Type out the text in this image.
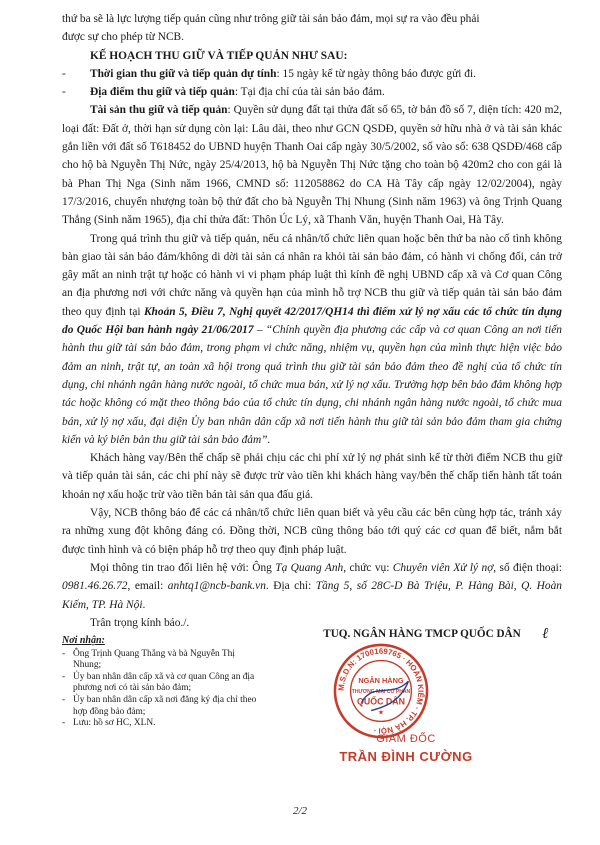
thứ ba sẽ là lực lượng tiếp quản cũng như trông giữ tài sản bảo đảm, mọi sự ra vào đều phải

được sự cho phép từ NCB.

KẾ HOẠCH THU GIỮ VÀ TIẾP QUẢN NHƯ SAU:

- Thời gian thu giữ và tiếp quản dự tính: 15 ngày kể từ ngày thông báo được gửi đi.

- Địa điểm thu giữ và tiếp quản: Tại địa chỉ của tài sản bảo đảm.

Tài sản thu giữ và tiếp quản: Quyền sử dụng đất tại thửa đất số 65, tờ bản đồ số 7, diện tích: 420 m2, loại đất: Đất ở, thời hạn sử dụng còn lại: Lâu dài, theo như GCN QSDĐ, quyền sở hữu nhà ở và tài sản khác gắn liền với đất số T618452 do UBND huyện Thanh Oai cấp ngày 30/5/2002, số vào sổ: 638 QSDĐ/468 cấp cho hộ bà Nguyễn Thị Nức, ngày 25/4/2013, hộ bà Nguyễn Thị Nức tặng cho toàn bộ 420m2 cho con gái là bà Phan Thị Nga (Sinh năm 1966, CMND số: 112058862 do CA Hà Tây cấp ngày 12/02/2004), ngày 17/3/2016, chuyển nhượng toàn bộ thử đất cho bà Nguyễn Thị Nhung (Sinh năm 1963) và ông Trịnh Quang Thắng (Sinh năm 1965), địa chỉ thửa đất: Thôn Úc Lý, xã Thanh Văn, huyện Thanh Oai, Hà Tây.

Trong quá trình thu giữ và tiếp quản, nếu cá nhân/tổ chức liên quan hoặc bên thứ ba nào cố tình không bàn giao tài sản bảo đảm/không di dời tài sản cá nhân ra khỏi tài sản bảo đảm, có hành vi chống đối, cản trở gây mất an ninh trật tự hoặc có hành vi vi phạm pháp luật thì kính đề nghị UBND cấp xã và Cơ quan Công an địa phương nơi với chức năng và quyền hạn của mình hỗ trợ NCB thu giữ và tiếp quản tài sản bảo đảm theo quy định tại Khoản 5, Điều 7, Nghị quyết 42/2017/QH14 thì điểm xử lý nợ xấu các tổ chức tín dụng do Quốc Hội ban hành ngày 21/06/2017 – “Chính quyền địa phương các cấp và cơ quan Công an nơi tiến hành thu giữ tài sản bảo đảm, trong phạm vi chức năng, nhiệm vụ, quyền hạn của mình thực hiện việc bảo đảm an ninh, trật tự, an toàn xã hội trong quá trình thu giữ tài sản bảo đảm theo đề nghị của tổ chức tín dụng, chi nhánh ngân hàng nước ngoài, tổ chức mua bán, xử lý nợ xấu. Trường hợp bên bảo đảm không hợp tác hoặc không có mặt theo thông báo của tổ chức tín dụng, chi nhánh ngân hàng nước ngoài, tổ chức mua bán, xử lý nợ xấu, đại diện Ủy ban nhân dân cấp xã nơi tiến hành thu giữ tài sản bảo đảm tham gia chứng kiến và ký biên bản thu giữ tài sản bảo đảm”.

Khách hàng vay/Bên thế chấp sẽ phải chịu các chi phí xử lý nợ phát sinh kể từ thời điểm NCB thu giữ và tiếp quản tài sản, các chi phí này sẽ được trừ vào tiền khi khách hàng vay/bên thế chấp tiến hành tất toán khoản nợ xấu hoặc trừ vào tiền bán tài sản qua đấu giá.

Vậy, NCB thông báo để các cá nhân/tổ chức liên quan biết và yêu cầu các bên cùng hợp tác, tránh xảy ra những xung đột không đáng có. Đồng thời, NCB cũng thông báo tới quý các cơ quan để biết, nắm bắt được tình hình và có biện pháp hỗ trợ theo quy định pháp luật.

Mọi thông tin trao đổi liên hệ với: Ông Tạ Quang Anh, chức vụ: Chuyên viên Xử lý nợ, số điện thoại: 0981.46.26.72, email: anhtq1@ncb-bank.vn. Địa chỉ: Tầng 5, số 28C-D Bà Triệu, P. Hàng Bài, Q. Hoàn Kiếm, TP. Hà Nội.

Trân trọng kính báo./.

Nơi nhận:

- Ông Trịnh Quang Thắng và bà Nguyễn Thị Nhung;

- Ủy ban nhân dân cấp xã và cơ quan Công an địa phương nơi có tài sản bảo đảm;

- Ủy ban nhân dân cấp xã nơi đăng ký địa chỉ theo hợp đồng bảo đảm;

- Lưu: hồ sơ HC, XLN.

TUQ. NGÂN HÀNG TMCP QUỐC DÂN	ℓ
M.S.D.N: 1700169765 · HOÀN KIẾM · TP. HÀ NỘI ·
NGÂN HÀNG
THƯƠNG MẠI CỔ PHẦN
QUỐC DÂN
★
GIÁM ĐỐC
TRẦN ĐÌNH CƯỜNG
2/2
